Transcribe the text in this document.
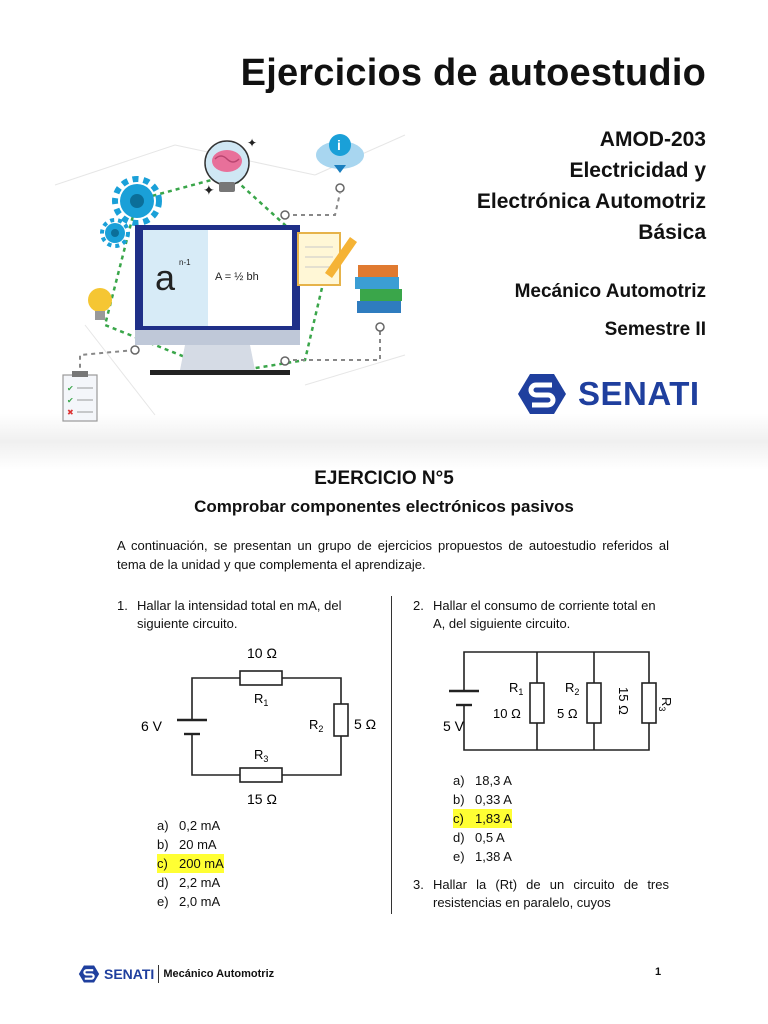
✦
✦	i
a n-1
A = ½ bh
✔
✔
✖
Ejercicios de autoestudio
AMOD-203
Electricidad y
Electrónica Automotriz
Básica
Mecánico Automotriz
Semestre II
SENATI
EJERCICIO N°5
Comprobar componentes electrónicos pasivos
A continuación, se presentan un grupo de ejercicios propuestos de autoestudio referidos al tema de la unidad y que complementa el aprendizaje.
1. Hallar la intensidad total en mA, del siguiente circuito.
6 V
10 Ω
$R_1$
$R_2$ 5 Ω
$R_3$
15 Ω
a) 0,2 mA
b) 20 mA
c) 200 mA
d) 2,2 mA
e) 2,0 mA
2. Hallar el consumo de corriente total en A, del siguiente circuito.
5 V
$R_1$
10 Ω
$R_2$
5 Ω	15 Ω $R_3$
a) 18,3 A
b) 0,33 A
c) 1,83 A
d) 0,5 A
e) 1,38 A
3. Hallar la (Rt) de un circuito de tres resistencias en paralelo, cuyos
SENATI Mecánico Automotriz	1
